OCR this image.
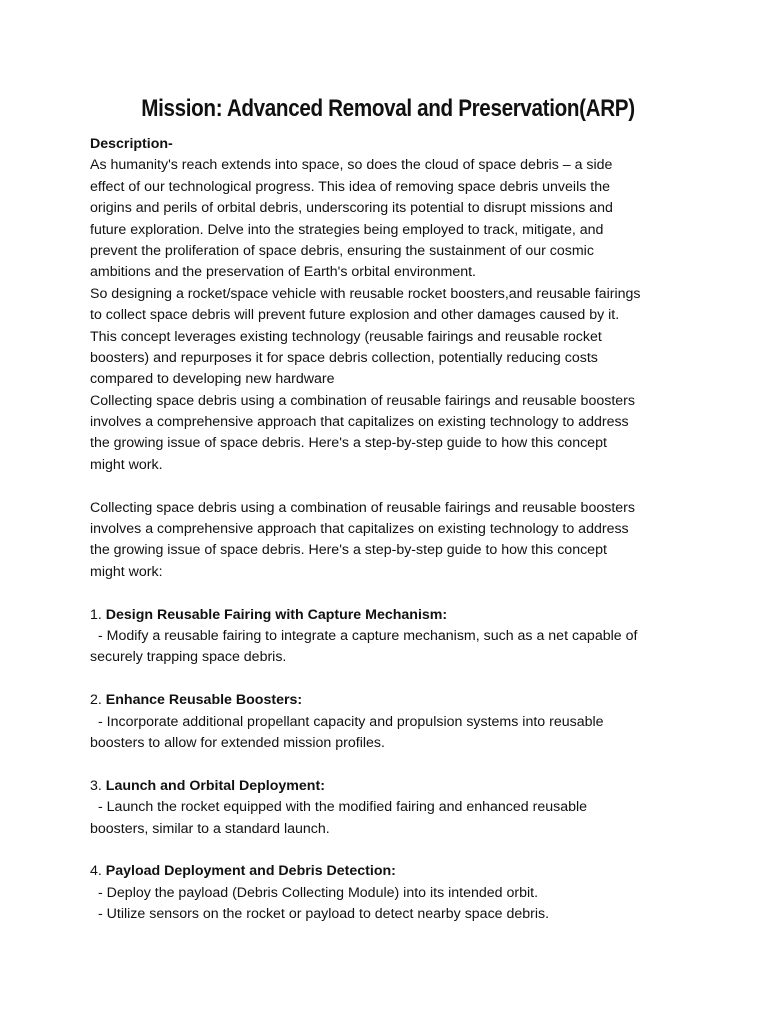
Mission: Advanced Removal and Preservation(ARP)
Description-
As humanity's reach extends into space, so does the cloud of space debris – a side
effect of our technological progress. This idea of removing space debris unveils the
origins and perils of orbital debris, underscoring its potential to disrupt missions and
future exploration. Delve into the strategies being employed to track, mitigate, and
prevent the proliferation of space debris, ensuring the sustainment of our cosmic
ambitions and the preservation of Earth's orbital environment.
So designing a rocket/space vehicle with reusable rocket boosters,and reusable fairings
to collect space debris will prevent future explosion and other damages caused by it.
This concept leverages existing technology (reusable fairings and reusable rocket
boosters) and repurposes it for space debris collection, potentially reducing costs
compared to developing new hardware
Collecting space debris using a combination of reusable fairings and reusable boosters
involves a comprehensive approach that capitalizes on existing technology to address
the growing issue of space debris. Here's a step-by-step guide to how this concept
might work.
Collecting space debris using a combination of reusable fairings and reusable boosters
involves a comprehensive approach that capitalizes on existing technology to address
the growing issue of space debris. Here's a step-by-step guide to how this concept
might work:
1. Design Reusable Fairing with Capture Mechanism:
- Modify a reusable fairing to integrate a capture mechanism, such as a net capable of
securely trapping space debris.
2. Enhance Reusable Boosters:
- Incorporate additional propellant capacity and propulsion systems into reusable
boosters to allow for extended mission profiles.
3. Launch and Orbital Deployment:
- Launch the rocket equipped with the modified fairing and enhanced reusable
boosters, similar to a standard launch.
4. Payload Deployment and Debris Detection:
- Deploy the payload (Debris Collecting Module) into its intended orbit.
- Utilize sensors on the rocket or payload to detect nearby space debris.
